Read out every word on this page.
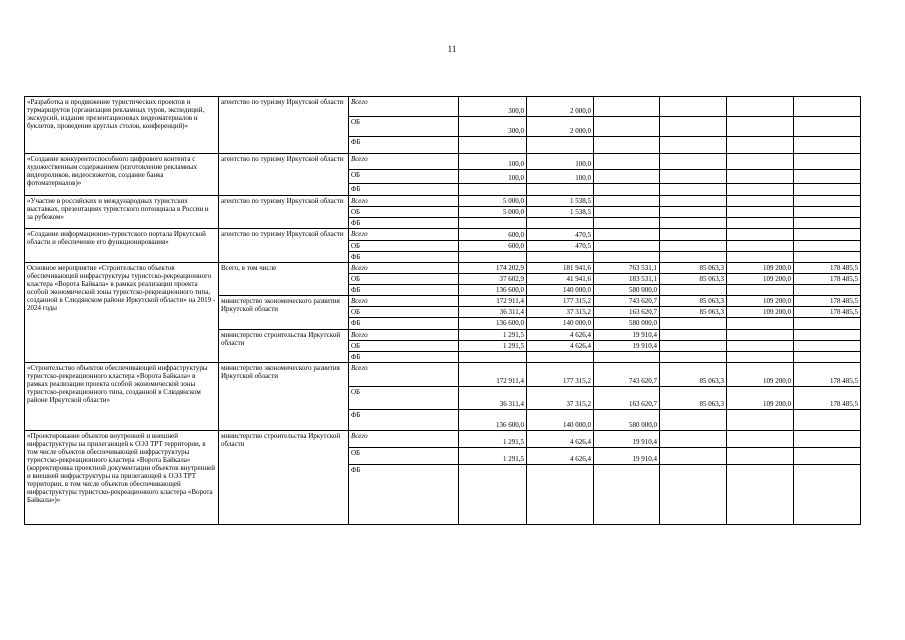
11
«Разработка и продвижение туристических проектов и турмаршрутов (организация рекламных туров, экспедиций, экскурсий, издание презентационных видеоматериалов и буклетов, проведение круглых столов, конференций)»	агентство по туризму Иркутской области	Всего	300,0	2 000,0				
		ОБ	300,0	2 000,0				
		ФБ						
«Создание конкурентоспособного цифрового контента с художественным содержанием (изготовление рекламных видеороликов, видеосюжетов, создание банка фотоматериалов)»	агентство по туризму Иркутской области	Всего	100,0	100,0				
		ОБ	100,0	100,0				
		ФБ						
«Участие в российских и международных туристских выставках, презентациях туристского потенциала в России и за рубежом»	агентство по туризму Иркутской области	Всего	5 000,0	1 538,5				
		ОБ	5 000,0	1 538,5				
		ФБ						
«Создание информационно-туристского портала Иркутской области и обеспечение его функционирования»	агентство по туризму Иркутской области	Всего	600,0	470,5				
		ОБ	600,0	470,5				
		ФБ						
Основное мероприятие «Строительство объектов обеспечивающей инфраструктуры туристско-рекреационного кластера «Ворота Байкала» в рамках реализации проекта особой экономической зоны туристско-рекреационного типа, созданной в Слюдянском районе Иркутской области» на 2019 - 2024 годы	Всего, в том числе	Всего	174 202,9	181 941,6	763 531,1	85 063,3	109 200,0	178 485,5
		ОБ	37 602,9	41 941,6	183 531,1	85 063,3	109 200,0	178 485,5
		ФБ	136 600,0	140 000,0	580 000,0			
	министерство экономического развития Иркутской области	Всего	172 911,4	177 315,2	743 620,7	85 063,3	109 200,0	178 485,5
		ОБ	36 311,4	37 315,2	163 620,7	85 063,3	109 200,0	178 485,5
		ФБ	136 600,0	140 000,0	580 000,0			
	министерство строительства Иркутской области	Всего	1 291,5	4 626,4	19 910,4			
		ОБ	1 291,5	4 626,4	19 910,4			
		ФБ						
«Строительство объектов обеспечивающей инфраструктуры туристско-рекреационного кластера «Ворота Байкала» в рамках реализации проекта особой экономической зоны туристско-рекреационного типа, созданной в Слюдянском районе Иркутской области»	министерство экономического развития Иркутской области	Всего	172 911,4	177 315,2	743 620,7	85 063,3	109 200,0	178 485,5
		ОБ	36 311,4	37 315,2	163 620,7	85 063,3	109 200,0	178 485,5
		ФБ	136 600,0	140 000,0	580 000,0			
«Проектирование объектов внутренней и внешней инфраструктуры на прилегающей к ОЭЗ ТРТ территории, в том числе объектов обеспечивающей инфраструктуры туристско-рекреационного кластера «Ворота Байкала» (корректировка проектной документации объектов внутренней и внешней инфраструктуры на прилегающей к ОЭЗ ТРТ территории, в том числе объектов обеспечивающей инфраструктуры туристско-рекреационного кластера «Ворота Байкала»)»	министерство строительства Иркутской области	Всего	1 291,5	4 626,4	19 910,4			
		ОБ	1 291,5	4 626,4	19 910,4			
		ФБ						
